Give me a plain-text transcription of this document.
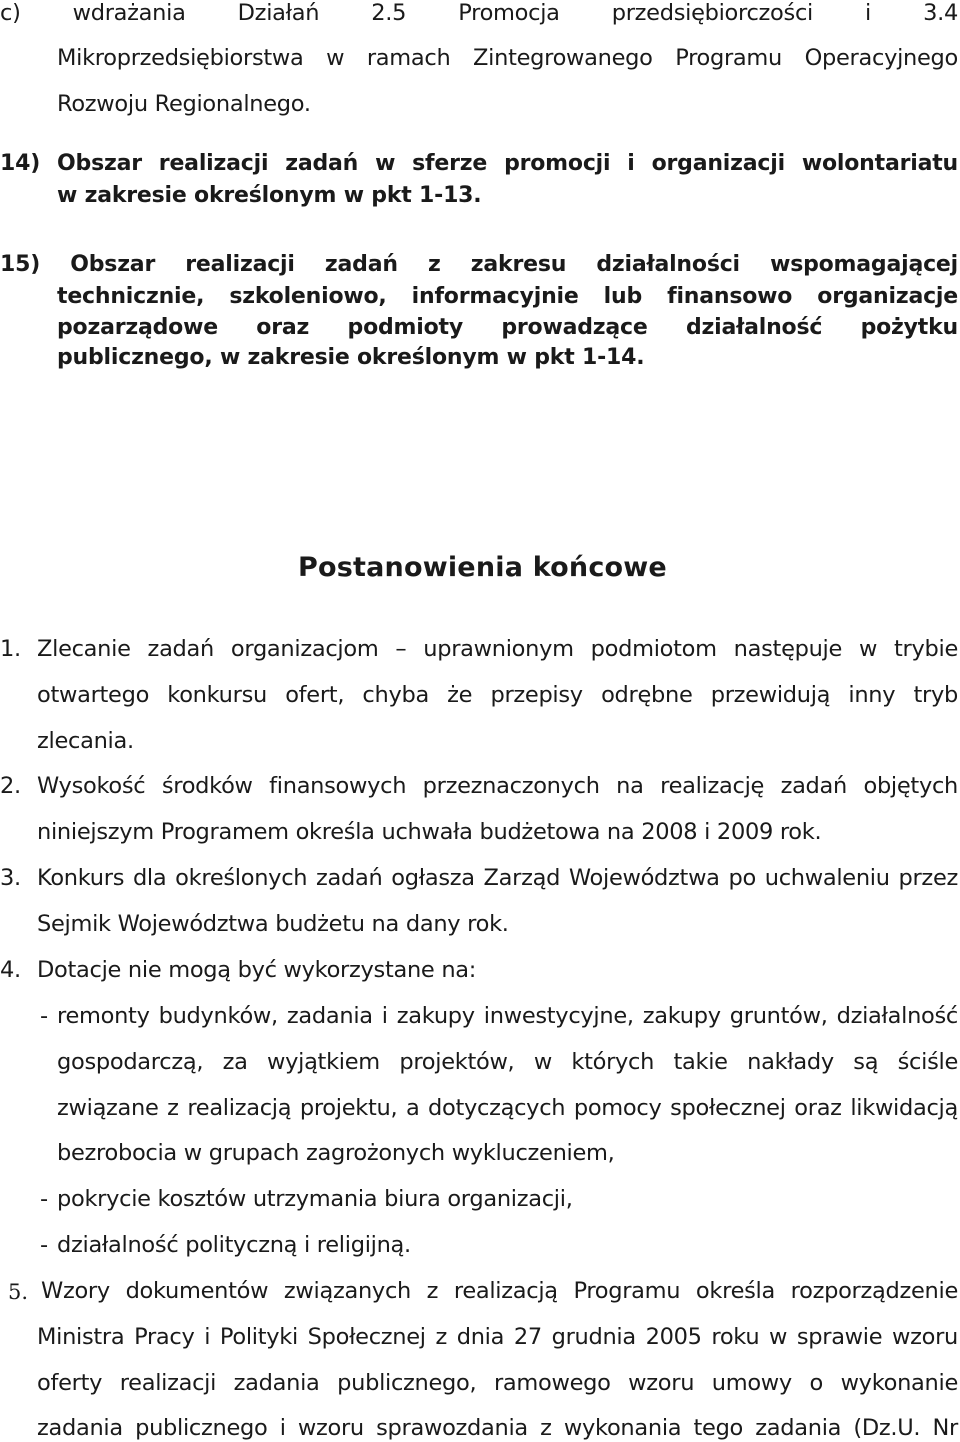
c) wdrażania Działań 2.5 Promocja przedsiębiorczości i 3.4
Mikroprzedsiębiorstwa w ramach Zintegrowanego Programu Operacyjnego
Rozwoju Regionalnego.
14) Obszar realizacji zadań w sferze promocji i organizacji wolontariatu
w zakresie określonym w pkt 1-13.
15) Obszar realizacji zadań z zakresu działalności wspomagającej
technicznie, szkoleniowo, informacyjnie lub finansowo organizacje
pozarządowe oraz podmioty prowadzące działalność pożytku
publicznego, w zakresie określonym w pkt 1-14.
Postanowienia końcowe
1. Zlecanie zadań organizacjom – uprawnionym podmiotom następuje w trybie
otwartego konkursu ofert, chyba że przepisy odrębne przewidują inny tryb
zlecania.
2. Wysokość środków finansowych przeznaczonych na realizację zadań objętych
niniejszym Programem określa uchwała budżetowa na 2008 i 2009 rok.
3. Konkurs dla określonych zadań ogłasza Zarząd Województwa po uchwaleniu przez
Sejmik Województwa budżetu na dany rok.
4. Dotacje nie mogą być wykorzystane na:
- remonty budynków, zadania i zakupy inwestycyjne, zakupy gruntów, działalność
gospodarczą, za wyjątkiem projektów, w których takie nakłady są ściśle
związane z realizacją projektu, a dotyczących pomocy społecznej oraz likwidacją
bezrobocia w grupach zagrożonych wykluczeniem,
- pokrycie kosztów utrzymania biura organizacji,
- działalność polityczną i religijną.
5. Wzory dokumentów związanych z realizacją Programu określa rozporządzenie
Ministra Pracy i Polityki Społecznej z dnia 27 grudnia 2005 roku w sprawie wzoru
oferty realizacji zadania publicznego, ramowego wzoru umowy o wykonanie
zadania publicznego i wzoru sprawozdania z wykonania tego zadania (Dz.U. Nr
